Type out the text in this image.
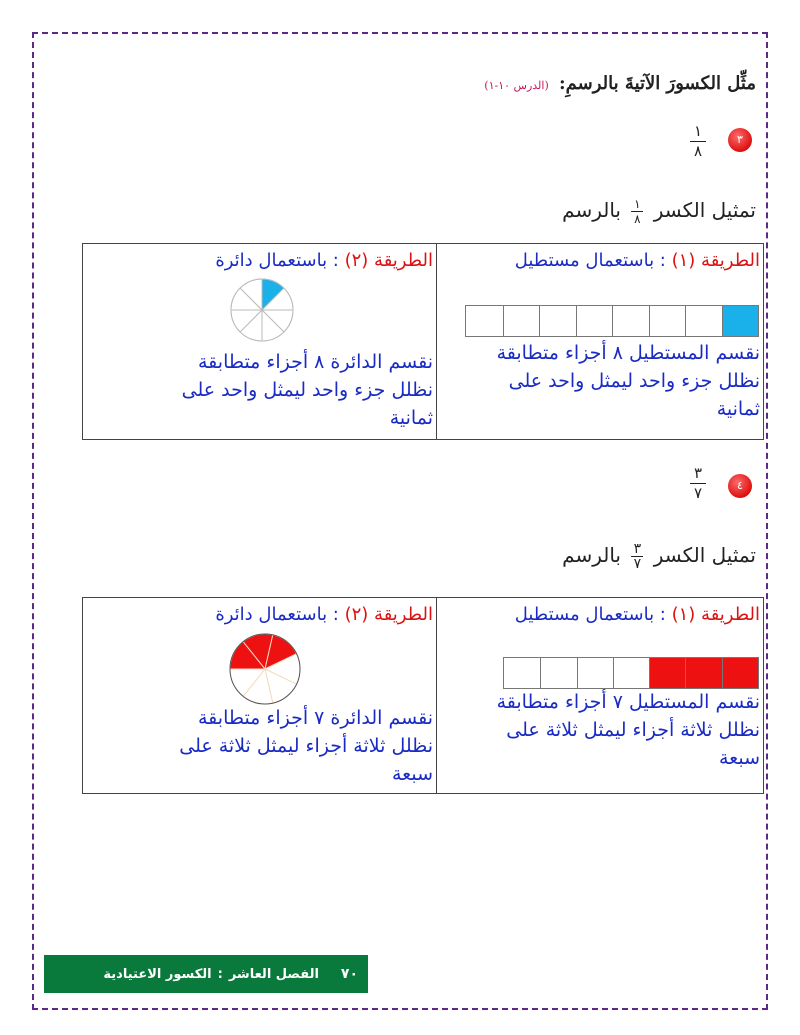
مثِّل الكسورَ الآتيةَ بالرسمِ: (الدرس ١٠-١)
٣
١
٨
تمثيل الكسر ١
٨ بالرسم
الطريقة (١) : باستعمال مستطيل
نقسم المستطيل ٨ أجزاء متطابقة
نظلل جزء واحد ليمثل واحد على
ثمانية
الطريقة (٢) : باستعمال دائرة
نقسم الدائرة ٨ أجزاء متطابقة
نظلل جزء واحد ليمثل واحد على
ثمانية
٤
٣
٧
تمثيل الكسر ٣
٧ بالرسم
الطريقة (١) : باستعمال مستطيل
نقسم المستطيل ٧ أجزاء متطابقة
نظلل ثلاثة أجزاء ليمثل ثلاثة على
سبعة
الطريقة (٢) : باستعمال دائرة
نقسم الدائرة ٧ أجزاء متطابقة
نظلل ثلاثة أجزاء ليمثل ثلاثة على
سبعة
٧٠
الفصل العاشر
:
الكسور الاعتيادية
